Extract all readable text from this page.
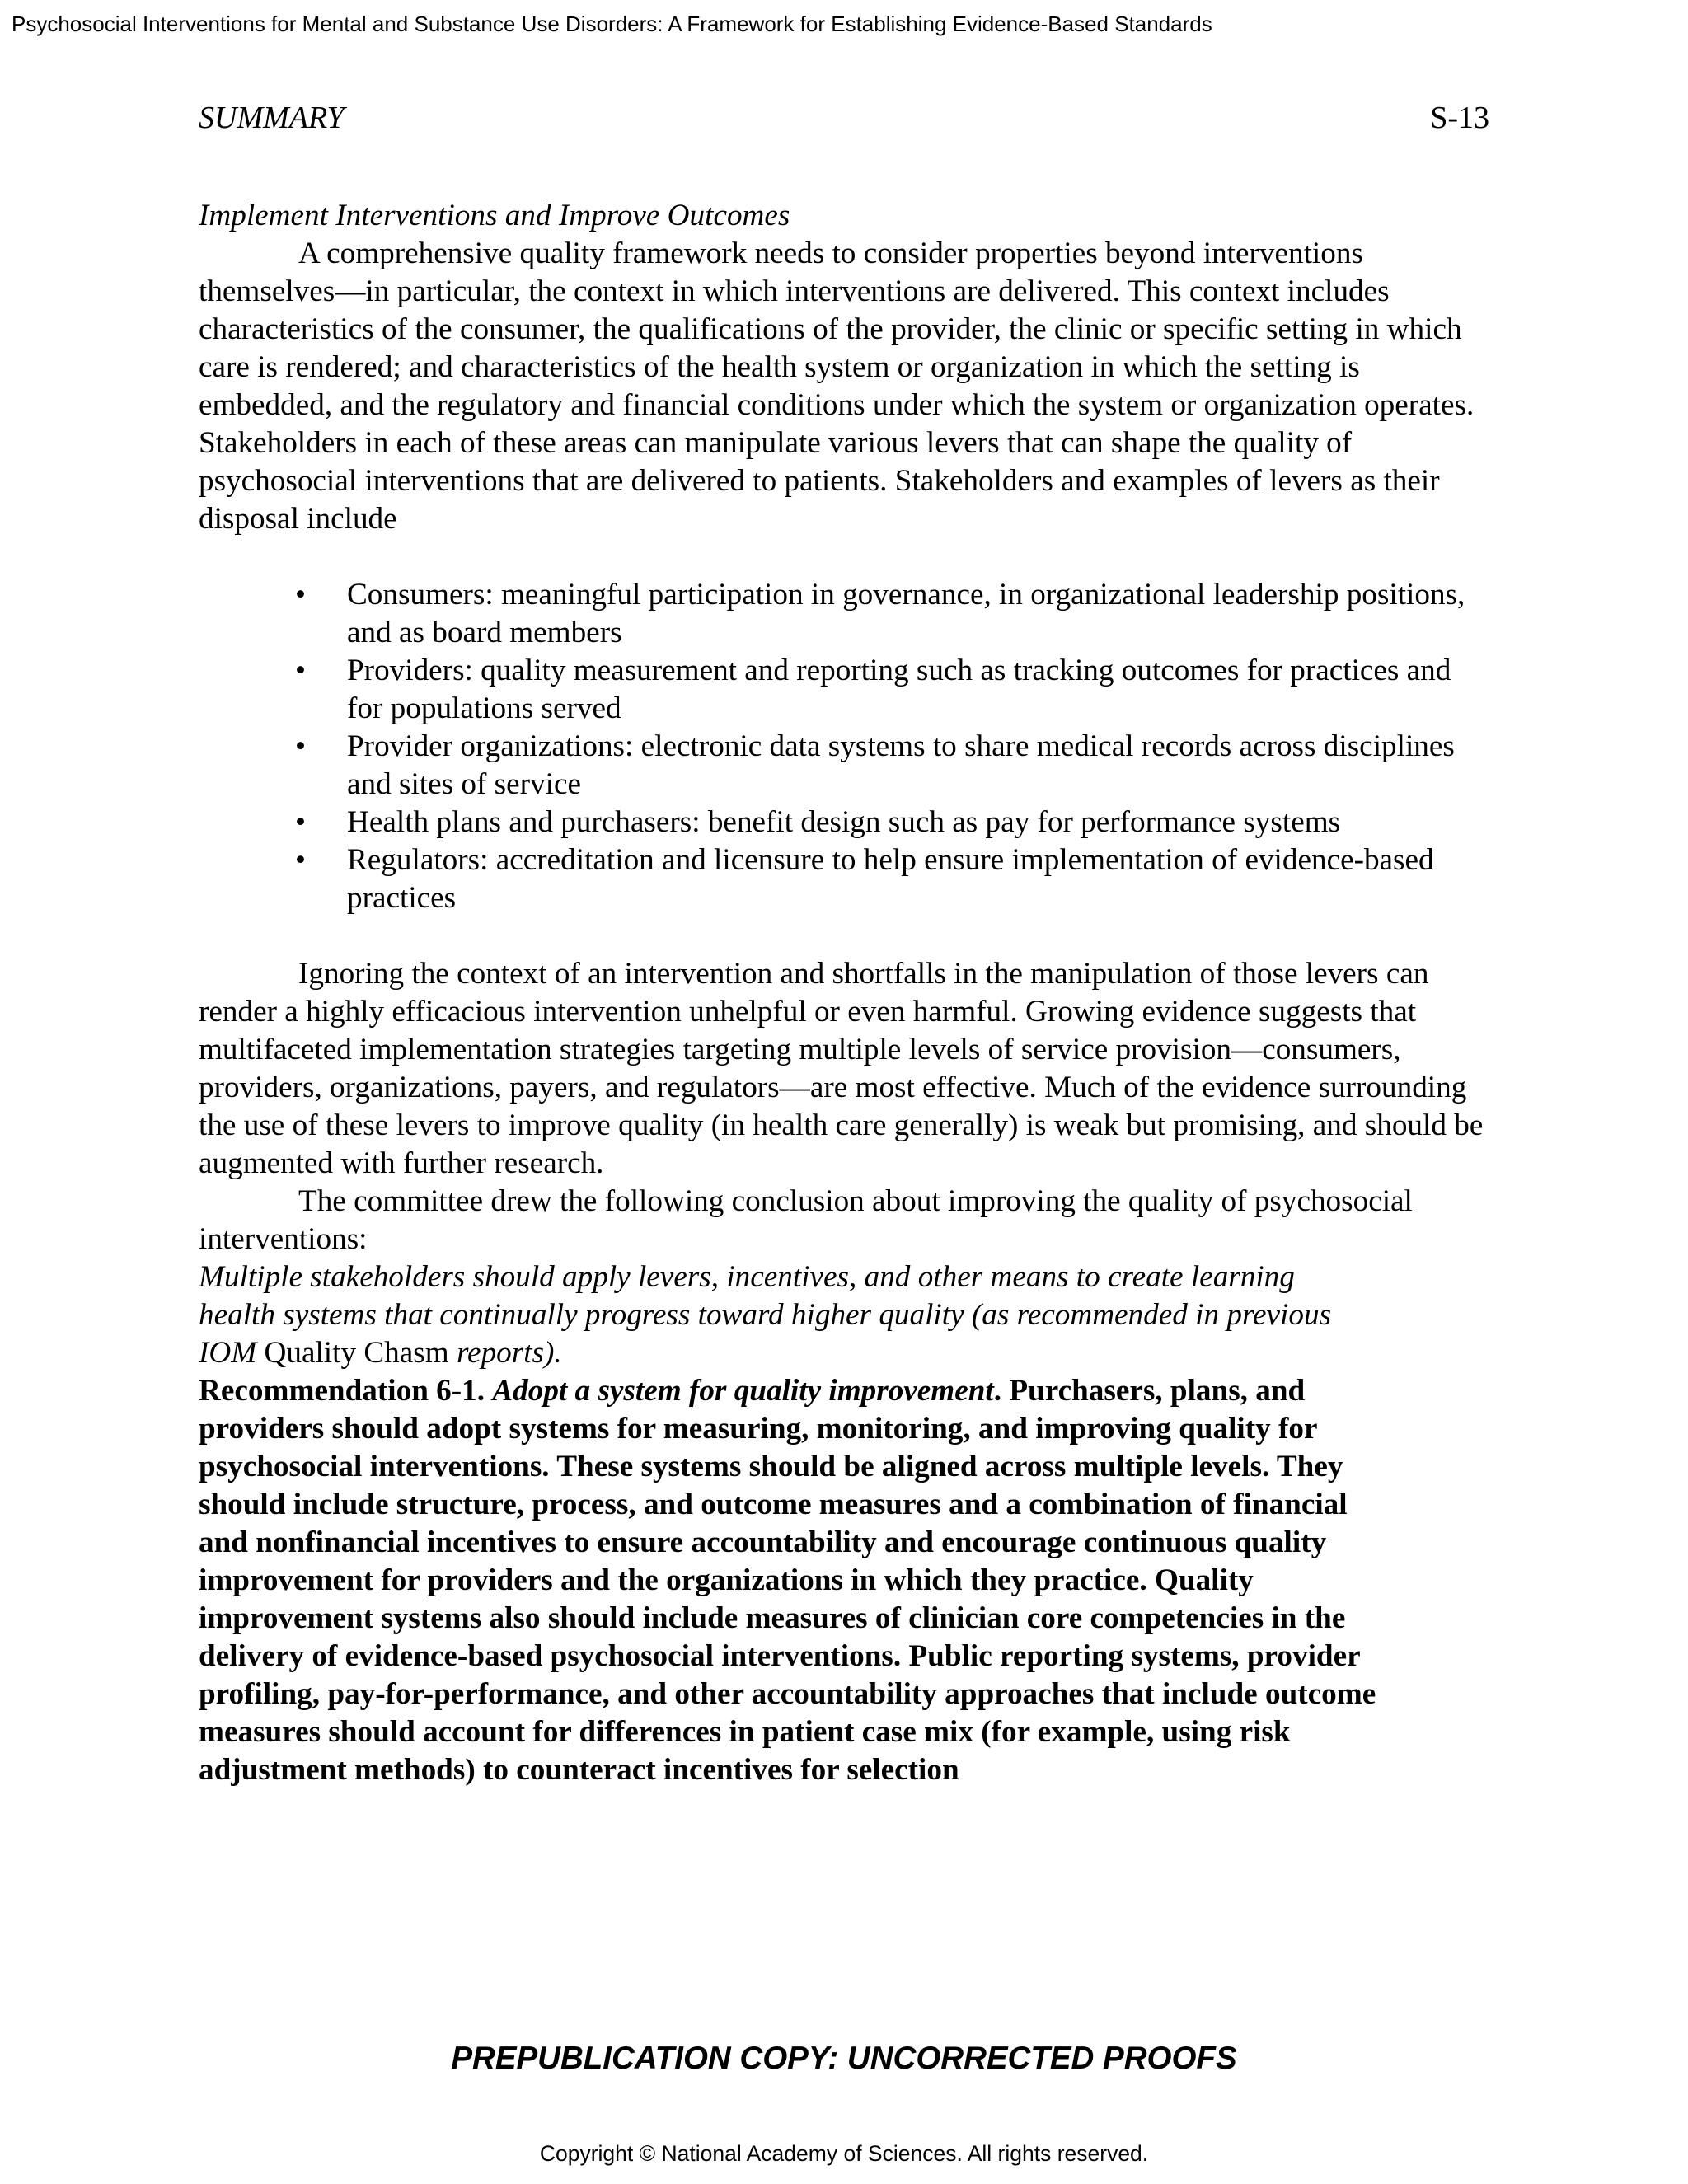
Psychosocial Interventions for Mental and Substance Use Disorders: A Framework for Establishing Evidence-Based Standards
SUMMARY	S-13

Implement Interventions and Improve Outcomes

A comprehensive quality framework needs to consider properties beyond interventions themselves—in particular, the context in which interventions are delivered. This context includes characteristics of the consumer, the qualifications of the provider, the clinic or specific setting in which care is rendered; and characteristics of the health system or organization in which the setting is embedded, and the regulatory and financial conditions under which the system or organization operates. Stakeholders in each of these areas can manipulate various levers that can shape the quality of psychosocial interventions that are delivered to patients. Stakeholders and examples of levers as their disposal include

• Consumers: meaningful participation in governance, in organizational leadership positions, and as board members
• Providers: quality measurement and reporting such as tracking outcomes for practices and for populations served
• Provider organizations: electronic data systems to share medical records across disciplines and sites of service
• Health plans and purchasers: benefit design such as pay for performance systems
• Regulators: accreditation and licensure to help ensure implementation of evidence-based practices

Ignoring the context of an intervention and shortfalls in the manipulation of those levers can render a highly efficacious intervention unhelpful or even harmful. Growing evidence suggests that multifaceted implementation strategies targeting multiple levels of service provision—consumers, providers, organizations, payers, and regulators—are most effective. Much of the evidence surrounding the use of these levers to improve quality (in health care generally) is weak but promising, and should be augmented with further research.

The committee drew the following conclusion about improving the quality of psychosocial interventions:

Multiple stakeholders should apply levers, incentives, and other means to create learning health systems that continually progress toward higher quality (as recommended in previous IOM Quality Chasm reports).

Recommendation 6-1. Adopt a system for quality improvement. Purchasers, plans, and providers should adopt systems for measuring, monitoring, and improving quality for psychosocial interventions. These systems should be aligned across multiple levels. They should include structure, process, and outcome measures and a combination of financial and nonfinancial incentives to ensure accountability and encourage continuous quality improvement for providers and the organizations in which they practice. Quality improvement systems also should include measures of clinician core competencies in the delivery of evidence-based psychosocial interventions. Public reporting systems, provider profiling, pay-for-performance, and other accountability approaches that include outcome measures should account for differences in patient case mix (for example, using risk adjustment methods) to counteract incentives for selection

PREPUBLICATION COPY: UNCORRECTED PROOFS
Copyright © National Academy of Sciences. All rights reserved.
